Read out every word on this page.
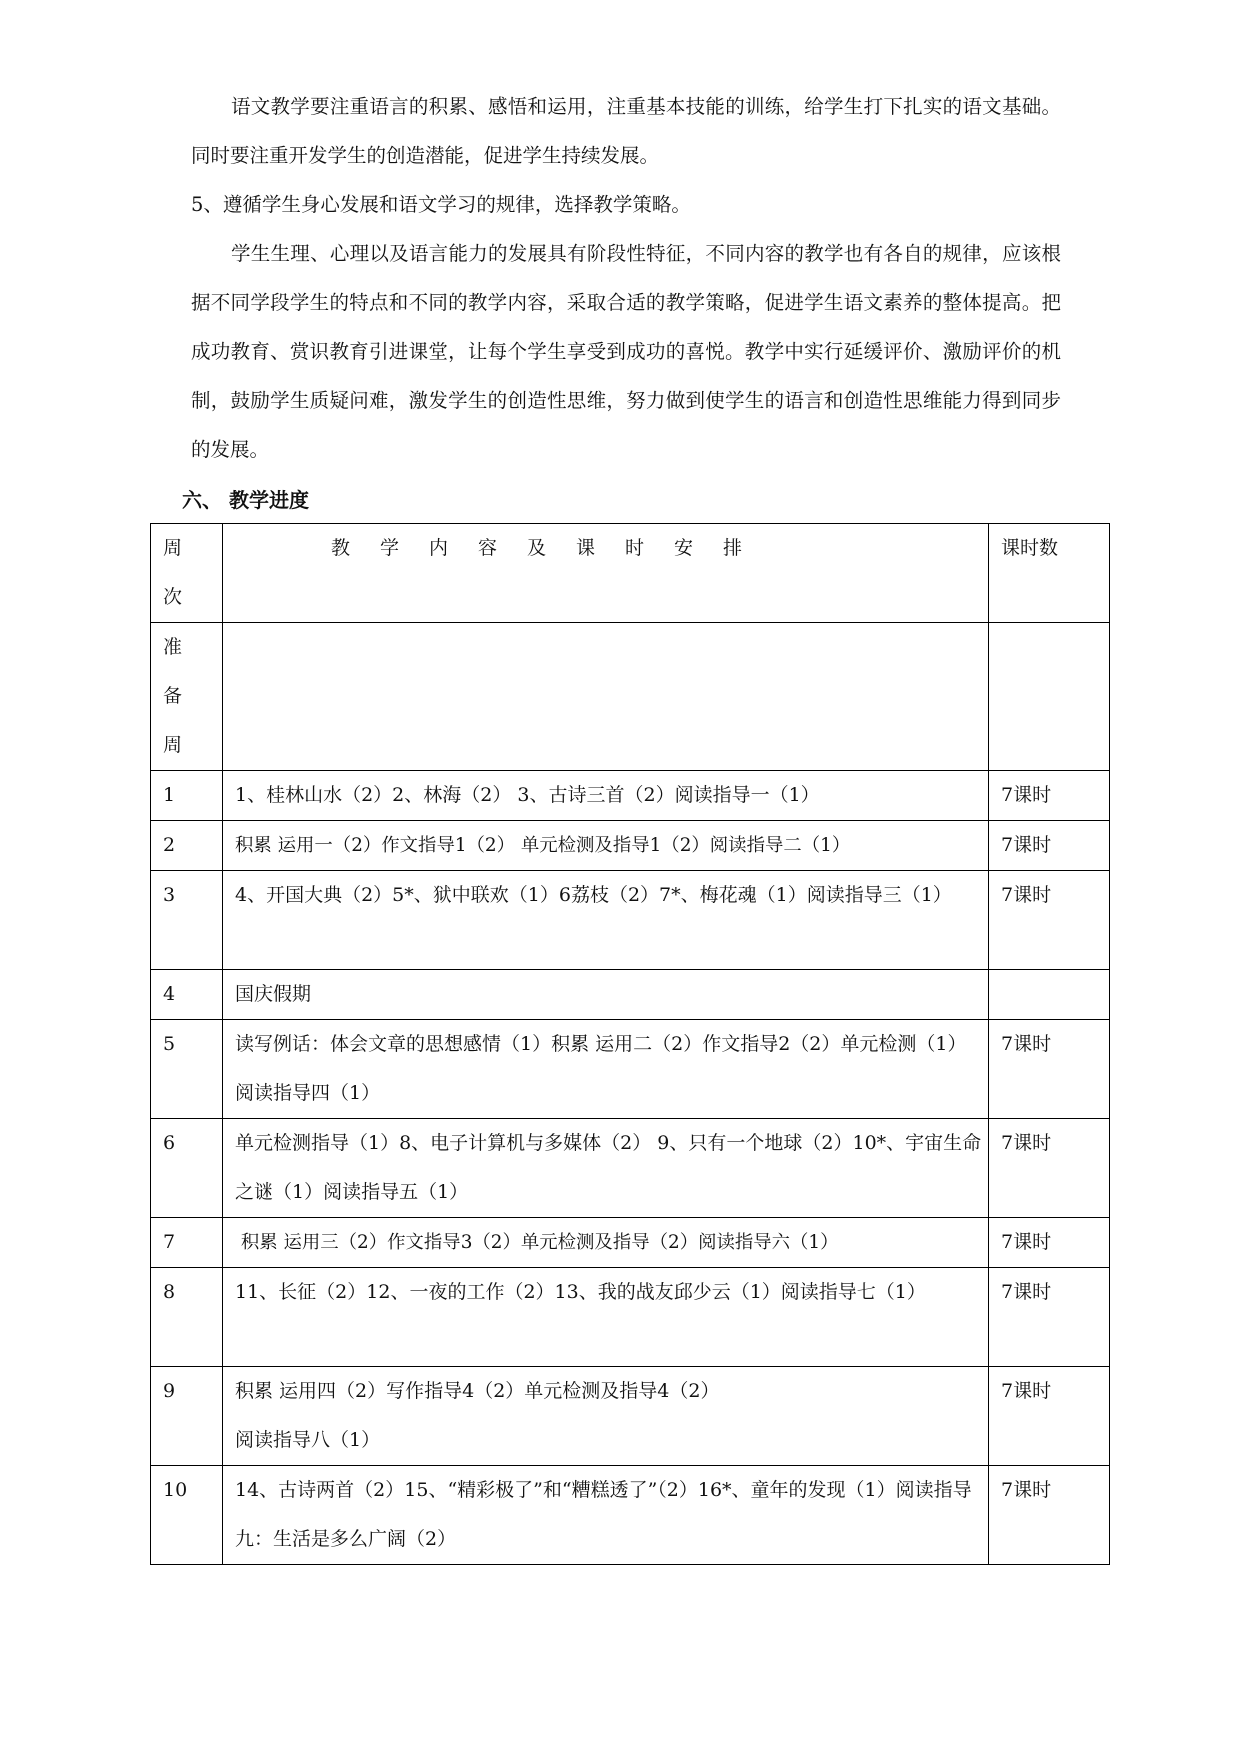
语文教学要注重语言的积累、感悟和运用，注重基本技能的训练，给学生打下扎实的语文基础。同时要注重开发学生的创造潜能，促进学生持续发展。

5、遵循学生身心发展和语文学习的规律，选择教学策略。

学生生理、心理以及语言能力的发展具有阶段性特征，不同内容的教学也有各自的规律，应该根据不同学段学生的特点和不同的教学内容，采取合适的教学策略，促进学生语文素养的整体提高。把成功教育、赏识教育引进课堂，让每个学生享受到成功的喜悦。教学中实行延缓评价、激励评价的机制，鼓励学生质疑问难，激发学生的创造性思维，努力做到使学生的语言和创造性思维能力得到同步的发展。

六、 教学进度

周
次	教学内容及课时安排	课时数

准
备
周		

1	1、桂林山水（2）2、林海（2） 3、古诗三首（2）阅读指导一（1）	7课时
2	积累 运用一（2）作文指导1（2） 单元检测及指导1（2）阅读指导二（1）	7课时
3	4、开国大典（2）5*、狱中联欢（1）6荔枝（2）7*、梅花魂（1）阅读指导三（1）	7课时
4	国庆假期	
5	读写例话：体会文章的思想感情（1）积累 运用二（2）作文指导2（2）单元检测（1）阅读指导四（1）	7课时
6	单元检测指导（1）8、电子计算机与多媒体（2） 9、只有一个地球（2）10*、宇宙生命之谜（1）阅读指导五（1）	7课时
7	积累 运用三（2）作文指导3（2）单元检测及指导（2）阅读指导六（1）	7课时
8	11、长征（2）12、一夜的工作（2）13、我的战友邱少云（1）阅读指导七（1）	7课时
9	积累 运用四（2）写作指导4（2）单元检测及指导4（2）
阅读指导八（1）	7课时
10	14、古诗两首（2）15、“精彩极了”和“糟糕透了”（2）16*、童年的发现（1）阅读指导九：生活是多么广阔（2）	7课时
